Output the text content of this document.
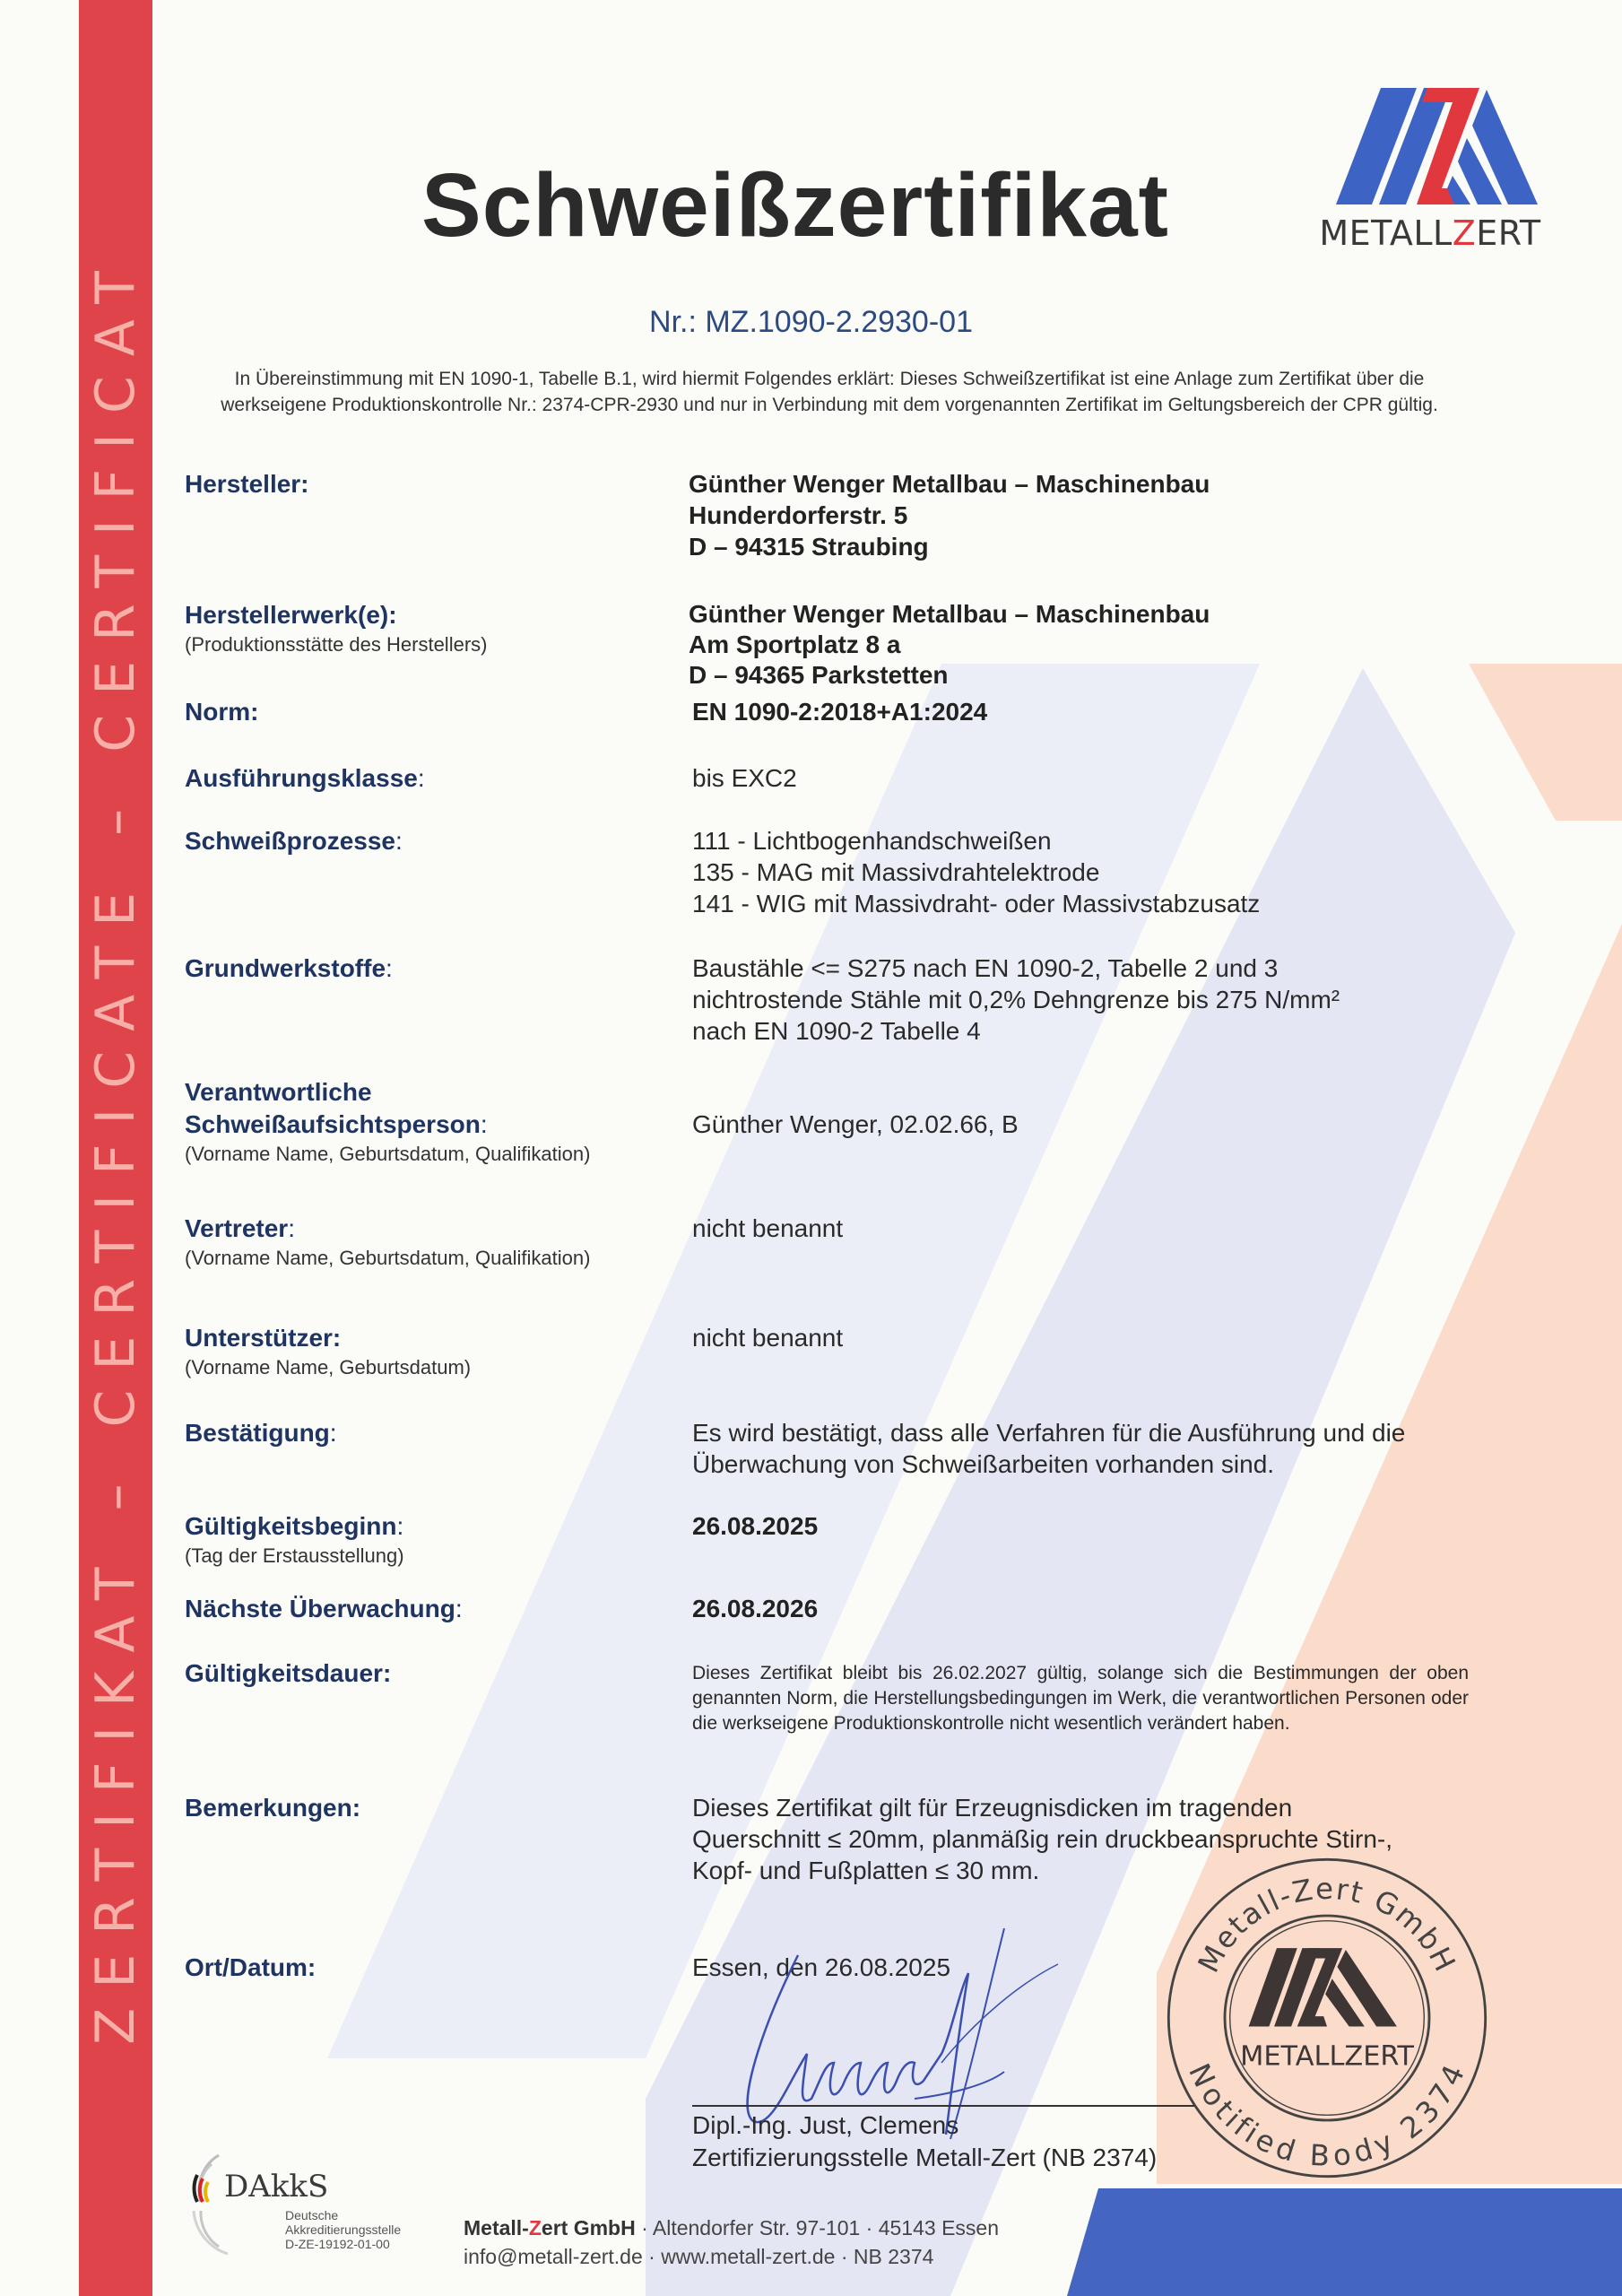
ZERTIFIKAT – CERTIFICATE – CERTIFICAT
Schweißzertifikat	METALLZERT
Nr.: MZ.1090-2.2930-01
In Übereinstimmung mit EN 1090-1, Tabelle B.1, wird hiermit Folgendes erklärt: Dieses Schweißzertifikat ist eine Anlage zum Zertifikat über die werkseigene Produktionskontrolle Nr.: 2374-CPR-2930 und nur in Verbindung mit dem vorgenannten Zertifikat im Geltungsbereich der CPR gültig.
Hersteller:	Günther Wenger Metallbau – Maschinenbau
Hunderdorferstr. 5
D – 94315 Straubing
Herstellerwerk(e):
(Produktionsstätte des Herstellers)
Günther Wenger Metallbau – Maschinenbau
Am Sportplatz 8 a
D – 94365 Parkstetten
Norm:	EN 1090-2:2018+A1:2024
Ausführungsklasse:	bis EXC2
Schweißprozesse:	111 - Lichtbogenhandschweißen
135 - MAG mit Massivdrahtelektrode
141 - WIG mit Massivdraht- oder Massivstabzusatz
Grundwerkstoffe:	Baustähle <= S275 nach EN 1090-2, Tabelle 2 und 3
nichtrostende Stähle mit 0,2% Dehngrenze bis 275 N/mm²
nach EN 1090-2 Tabelle 4
Verantwortliche
Schweißaufsichtsperson:
(Vorname Name, Geburtsdatum, Qualifikation)
Günther Wenger, 02.02.66, B
Vertreter:
(Vorname Name, Geburtsdatum, Qualifikation)
nicht benannt
Unterstützer:
(Vorname Name, Geburtsdatum)
nicht benannt
Bestätigung:	Es wird bestätigt, dass alle Verfahren für die Ausführung und die
Überwachung von Schweißarbeiten vorhanden sind.
Gültigkeitsbeginn:
(Tag der Erstausstellung)
26.08.2025
Nächste Überwachung:	26.08.2026
Gültigkeitsdauer:	Dieses Zertifikat bleibt bis 26.02.2027 gültig, solange sich die Bestimmungen der oben genannten Norm, die Herstellungsbedingungen im Werk, die verantwortlichen Personen oder die werkseigene Produktionskontrolle nicht wesentlich verändert haben.
Bemerkungen:	Dieses Zertifikat gilt für Erzeugnisdicken im tragenden
Querschnitt ≤ 20mm, planmäßig rein druckbeanspruchte Stirn-,
Kopf- und Fußplatten ≤ 30 mm.
Ort/Datum:	Essen, den 26.08.2025	Metall-Zert GmbH
Notified Body 2374
METALLZERT
Dipl.-Ing. Just, Clemens
Zertifizierungsstelle Metall-Zert (NB 2374)
DAkkS
Deutsche
Akkreditierungsstelle
D-ZE-19192-01-00
Metall-Zert GmbH · Altendorfer Str. 97-101 · 45143 Essen
info@metall-zert.de · www.metall-zert.de · NB 2374
